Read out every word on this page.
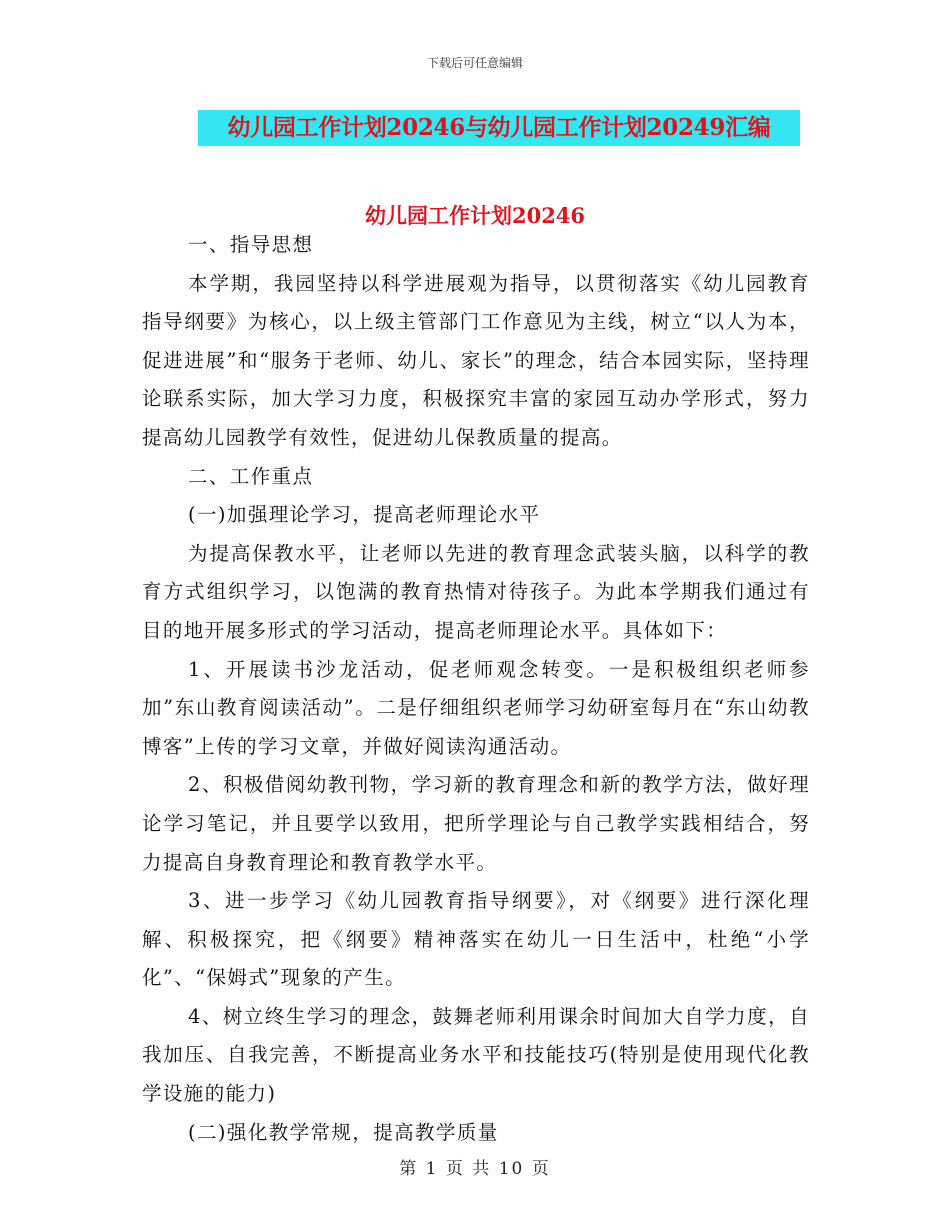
下载后可任意编辑
幼儿园工作计划20246与幼儿园工作计划20249汇编
幼儿园工作计划20246

一、指导思想

本学期，我园坚持以科学进展观为指导，以贯彻落实《幼儿园教育指导纲要》为核心，以上级主管部门工作意见为主线，树立“以人为本，促进进展”和“服务于老师、幼儿、家长”的理念，结合本园实际，坚持理论联系实际，加大学习力度，积极探究丰富的家园互动办学形式，努力提高幼儿园教学有效性，促进幼儿保教质量的提高。

二、工作重点

(一)加强理论学习，提高老师理论水平

为提高保教水平，让老师以先进的教育理念武装头脑，以科学的教育方式组织学习，以饱满的教育热情对待孩子。为此本学期我们通过有目的地开展多形式的学习活动，提高老师理论水平。具体如下：

1、开展读书沙龙活动，促老师观念转变。一是积极组织老师参加”东山教育阅读活动”。二是仔细组织老师学习幼研室每月在“东山幼教博客”上传的学习文章，并做好阅读沟通活动。

2、积极借阅幼教刊物，学习新的教育理念和新的教学方法，做好理论学习笔记，并且要学以致用，把所学理论与自己教学实践相结合，努力提高自身教育理论和教育教学水平。

3、进一步学习《幼儿园教育指导纲要》，对《纲要》进行深化理解、积极探究，把《纲要》精神落实在幼儿一日生活中，杜绝“小学化”、“保姆式”现象的产生。

4、树立终生学习的理念，鼓舞老师利用课余时间加大自学力度，自我加压、自我完善，不断提高业务水平和技能技巧(特别是使用现代化教学设施的能力)

(二)强化教学常规，提高教学质量

第 1 页 共 10 页
